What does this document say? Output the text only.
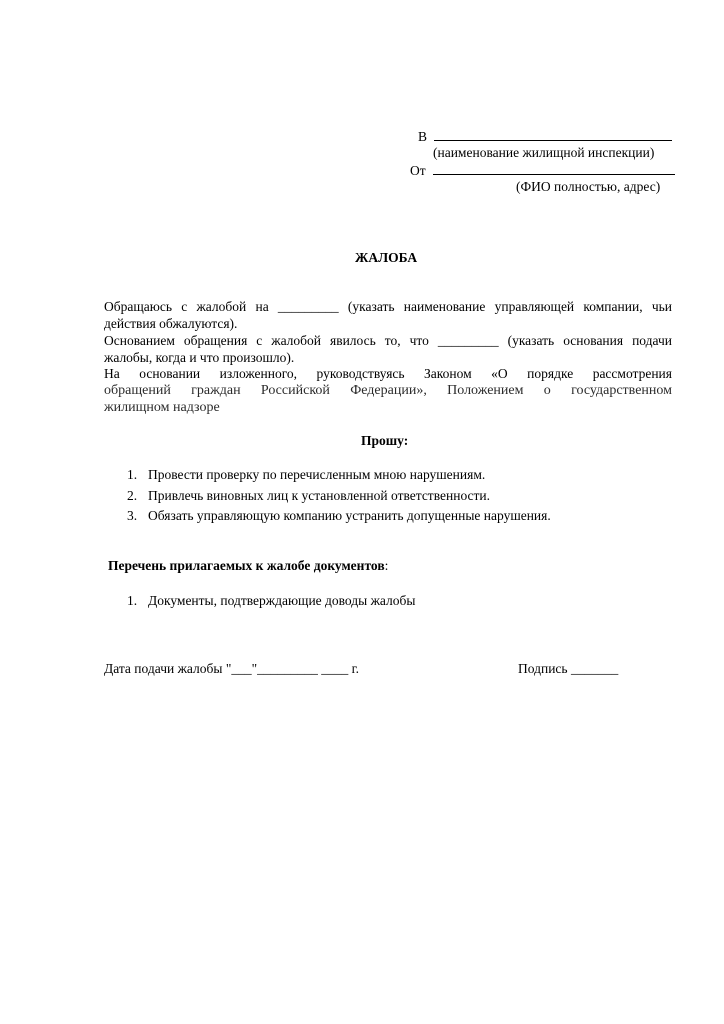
В
(наименование жилищной инспекции)
От
(ФИО полностью, адрес)
ЖАЛОБА
Обращаюсь с жалобой на _________ (указать наименование управляющей компании, чьи
действия обжалуются).
Основанием обращения с жалобой явилось то, что _________ (указать основания подачи
жалобы, когда и что произошло).
На основании изложенного, руководствуясь Законом «О порядке рассмотрения
обращений граждан Российской Федерации», Положением о государственном
жилищном надзоре
Прошу:
1. Провести проверку по перечисленным мною нарушениям.
2. Привлечь виновных лиц к установленной ответственности.
3. Обязать управляющую компанию устранить допущенные нарушения.
Перечень прилагаемых к жалобе документов:
1. Документы, подтверждающие доводы жалобы
Дата подачи жалобы "___"_________ ____ г.	Подпись _______
